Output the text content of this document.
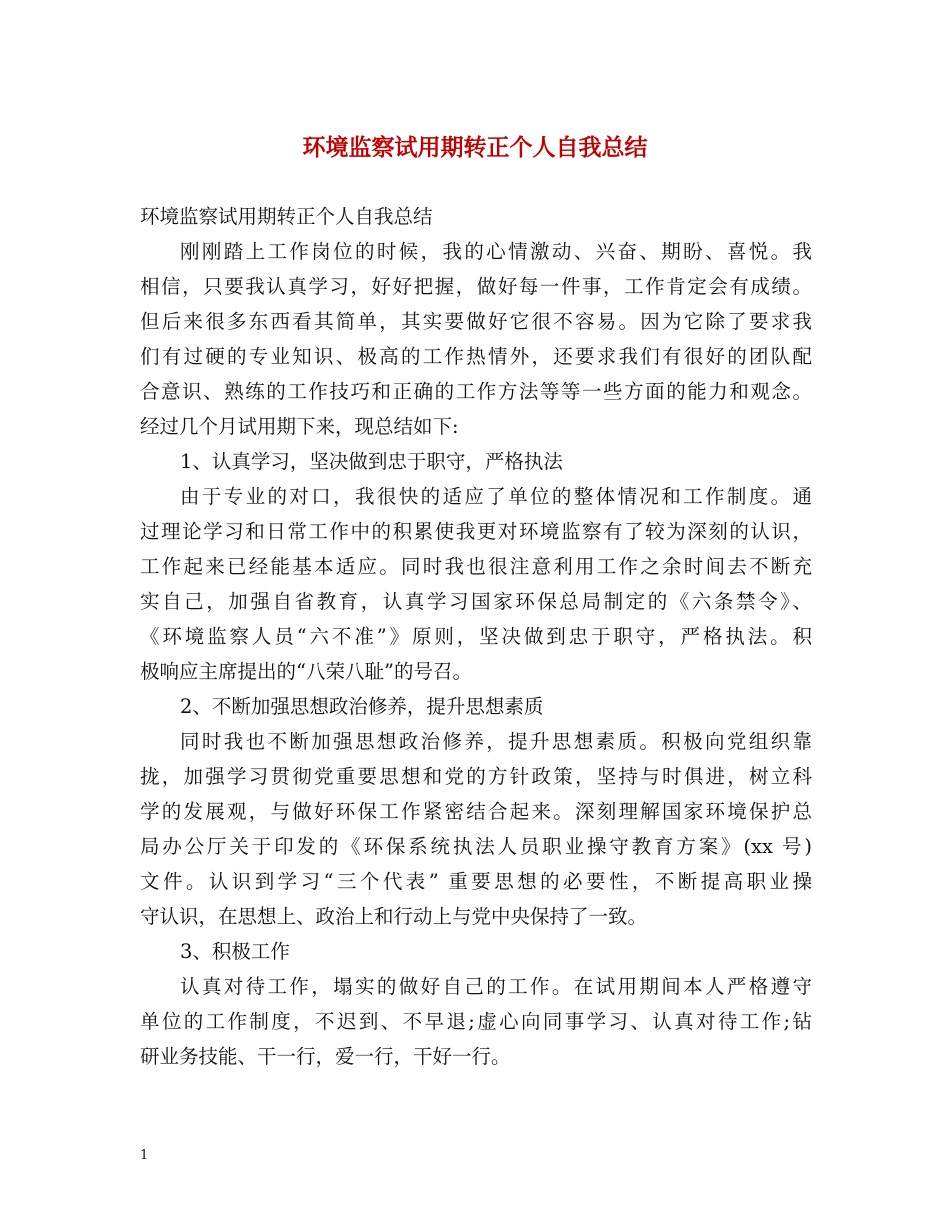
环境监察试用期转正个人自我总结
环境监察试用期转正个人自我总结
刚刚踏上工作岗位的时候，我的心情激动、兴奋、期盼、喜悦。我
相信，只要我认真学习，好好把握，做好每一件事，工作肯定会有成绩。
但后来很多东西看其简单，其实要做好它很不容易。因为它除了要求我
们有过硬的专业知识、极高的工作热情外，还要求我们有很好的团队配
合意识、熟练的工作技巧和正确的工作方法等等一些方面的能力和观念。
经过几个月试用期下来，现总结如下:
1、认真学习，坚决做到忠于职守，严格执法
由于专业的对口，我很快的适应了单位的整体情况和工作制度。通
过理论学习和日常工作中的积累使我更对环境监察有了较为深刻的认识，
工作起来已经能基本适应。同时我也很注意利用工作之余时间去不断充
实自己，加强自省教育，认真学习国家环保总局制定的《六条禁令》、
《环境监察人员“六不准”》原则，坚决做到忠于职守，严格执法。积
极响应主席提出的“八荣八耻”的号召。
2、不断加强思想政治修养，提升思想素质
同时我也不断加强思想政治修养，提升思想素质。积极向党组织靠
拢，加强学习贯彻党重要思想和党的方针政策，坚持与时俱进，树立科
学的发展观，与做好环保工作紧密结合起来。深刻理解国家环境保护总
局办公厅关于印发的《环保系统执法人员职业操守教育方案》(xx 号)
文件。认识到学习“三个代表” 重要思想的必要性，不断提高职业操
守认识，在思想上、政治上和行动上与党中央保持了一致。
3、积极工作
认真对待工作，塌实的做好自己的工作。在试用期间本人严格遵守
单位的工作制度，不迟到、不早退;虚心向同事学习、认真对待工作;钻
研业务技能、干一行，爱一行，干好一行。
1
